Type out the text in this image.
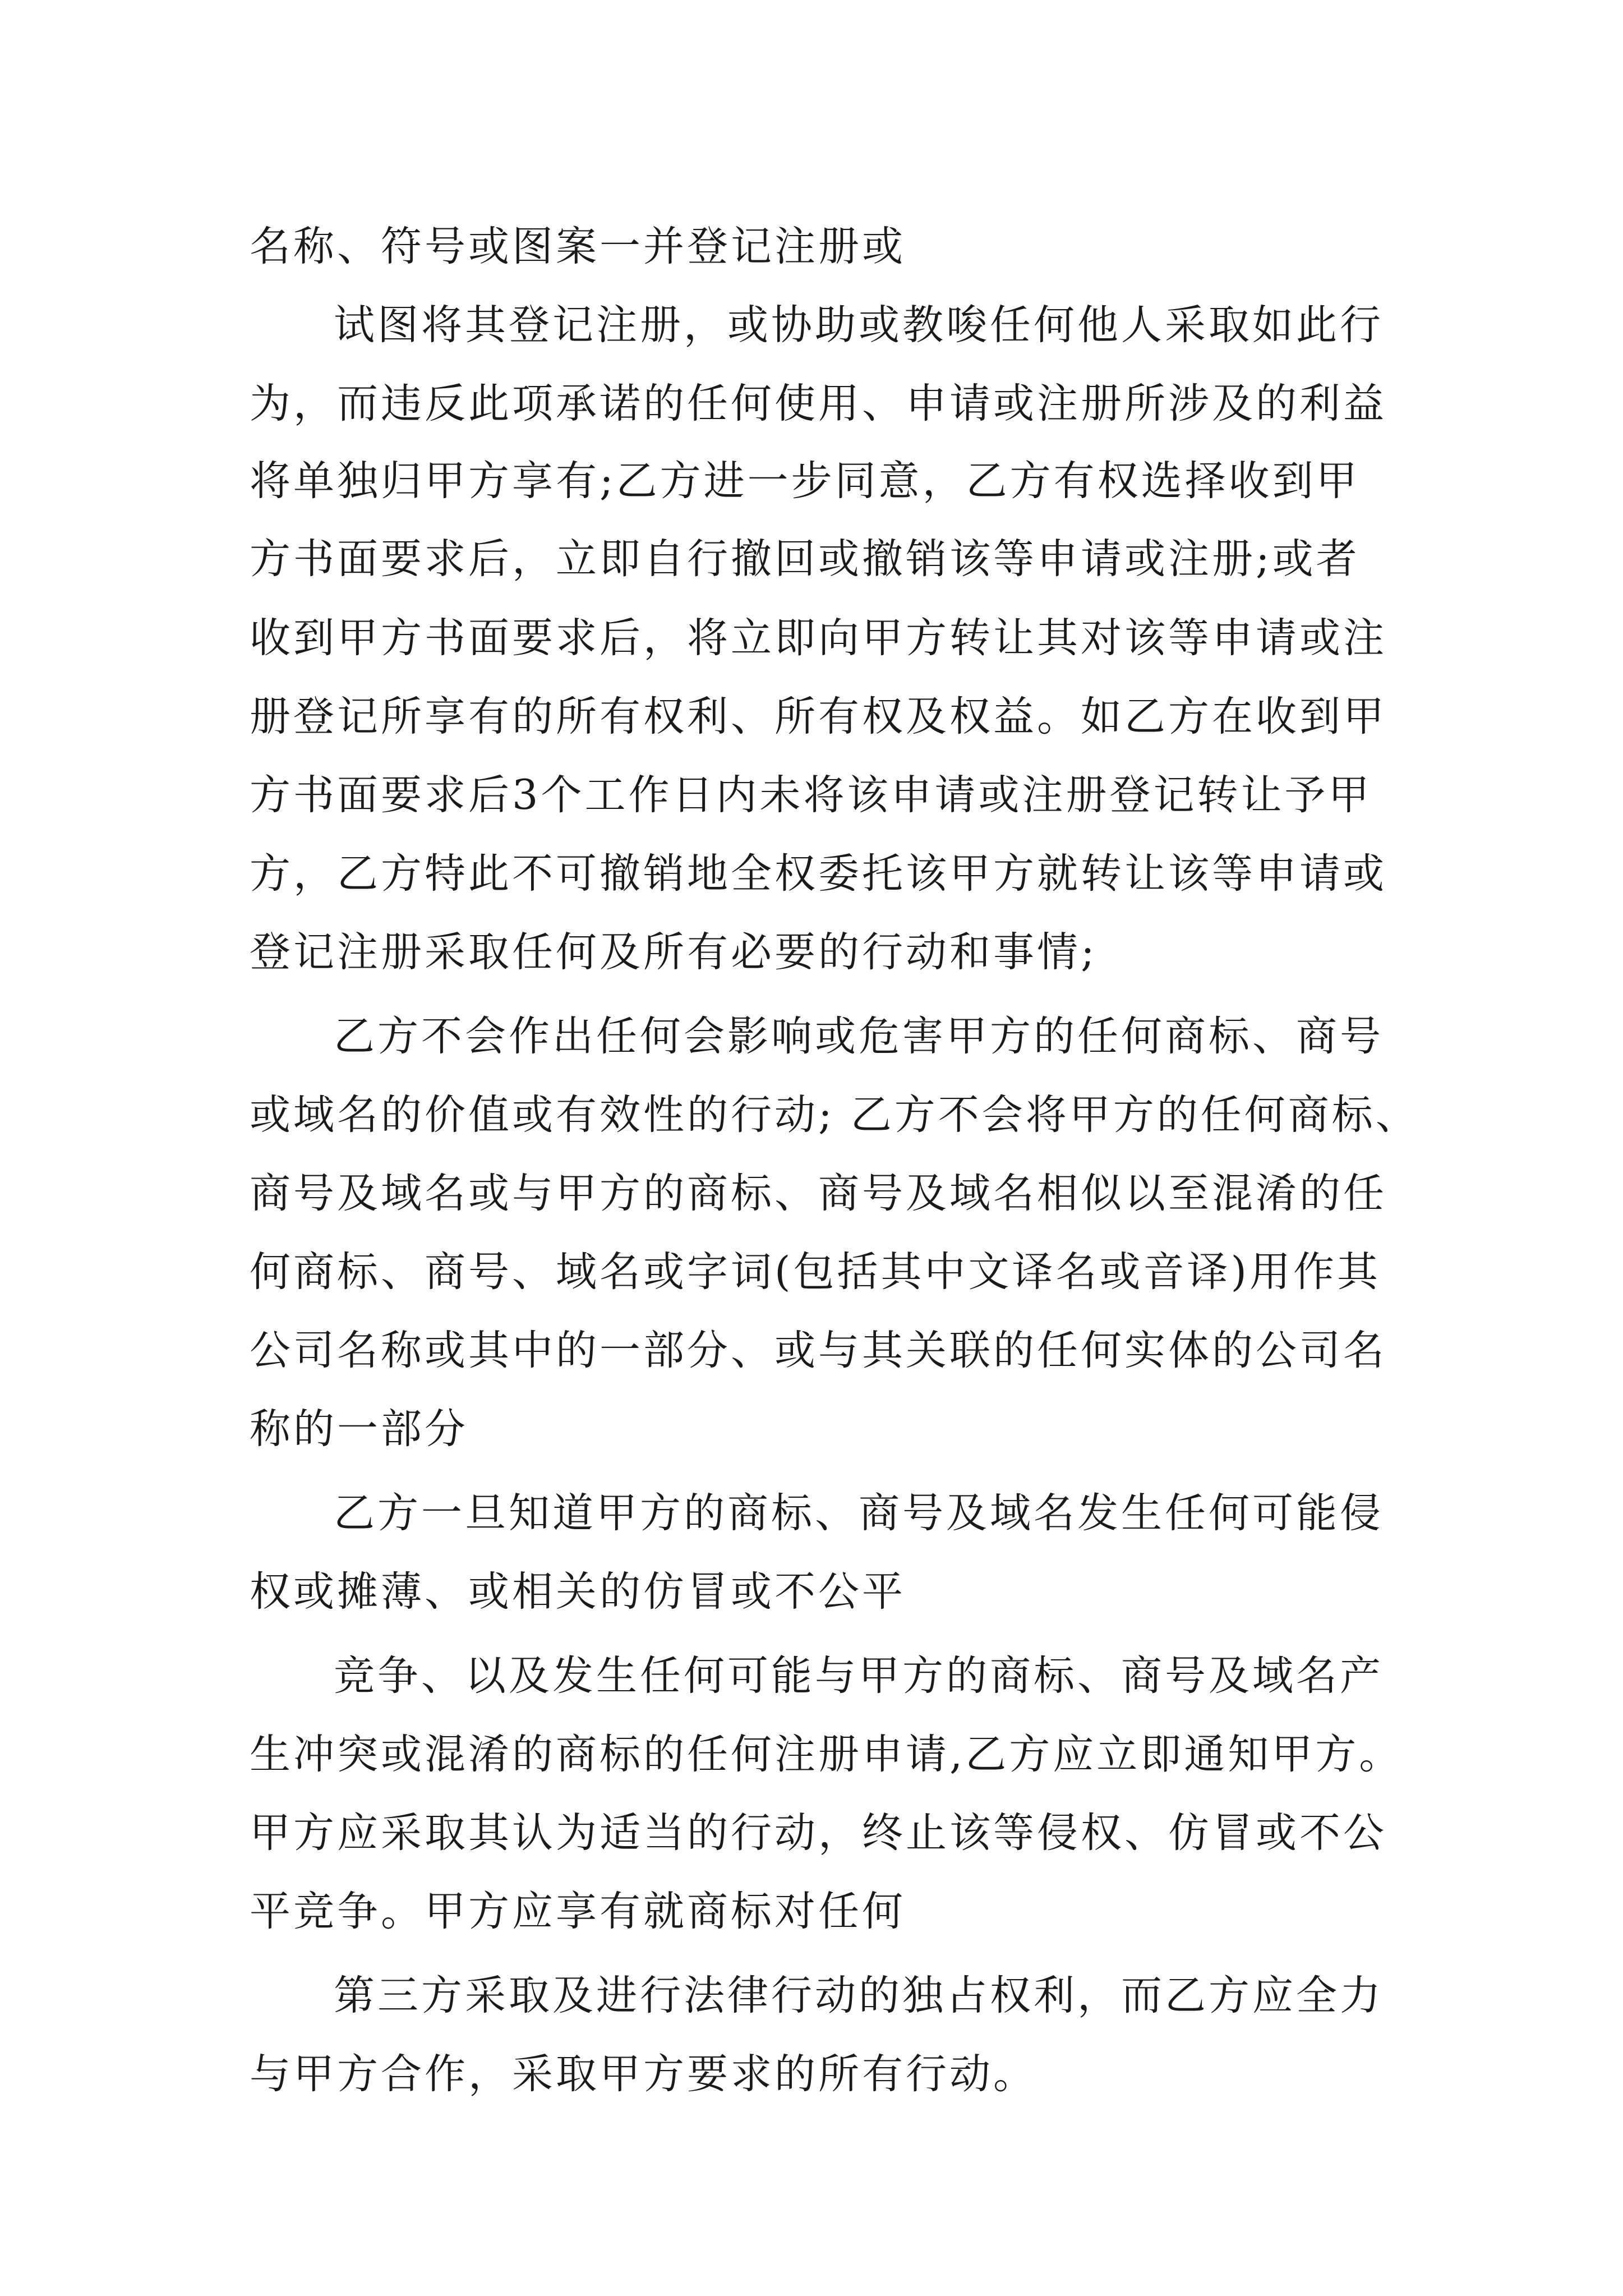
名称、符号或图案一并登记注册或
试图将其登记注册，或协助或教唆任何他人采取如此行
为，而违反此项承诺的任何使用、申请或注册所涉及的利益
将单独归甲方享有;乙方进一步同意，乙方有权选择收到甲
方书面要求后，立即自行撤回或撤销该等申请或注册;或者
收到甲方书面要求后，将立即向甲方转让其对该等申请或注
册登记所享有的所有权利、所有权及权益。如乙方在收到甲
方书面要求后3个工作日内未将该申请或注册登记转让予甲
方，乙方特此不可撤销地全权委托该甲方就转让该等申请或
登记注册采取任何及所有必要的行动和事情;
乙方不会作出任何会影响或危害甲方的任何商标、商号
或域名的价值或有效性的行动; 乙方不会将甲方的任何商标、
商号及域名或与甲方的商标、商号及域名相似以至混淆的任
何商标、商号、域名或字词(包括其中文译名或音译)用作其
公司名称或其中的一部分、或与其关联的任何实体的公司名
称的一部分
乙方一旦知道甲方的商标、商号及域名发生任何可能侵
权或摊薄、或相关的仿冒或不公平
竞争、以及发生任何可能与甲方的商标、商号及域名产
生冲突或混淆的商标的任何注册申请,乙方应立即通知甲方。
甲方应采取其认为适当的行动，终止该等侵权、仿冒或不公
平竞争。甲方应享有就商标对任何
第三方采取及进行法律行动的独占权利，而乙方应全力
与甲方合作，采取甲方要求的所有行动。
